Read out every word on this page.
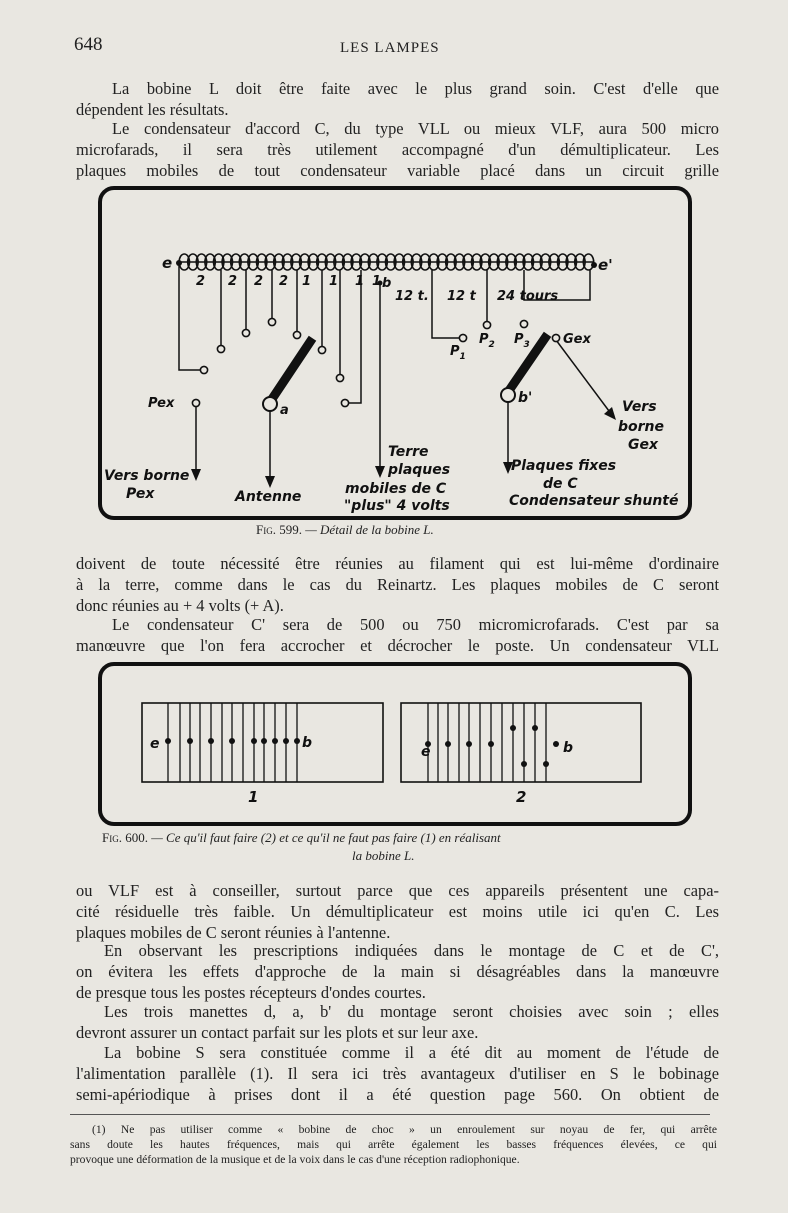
648	LES LAMPES
La bobine L doit être faite avec le plus grand soin. C'est d'elle que
dépendent les résultats.
Le condensateur d'accord C, du type VLL ou mieux VLF, aura 500 micro
microfarads, il sera très utilement accompagné d'un démultiplicateur. Les
plaques mobiles de tout condensateur variable placé dans un circuit grille
e	e'
b
2 2 2 2 1 1 1 1
12 t. 12 t 24 tours
$P_1$
$P_2$ $P_3$	Gex
Pex	a
b'
Vers borne Gex
Terre plaques mobiles de C "plus" 4 volts
Plaques fixes de C Condensateur shunté
Vers borne Pex	Antenne
Fig. 599. — Détail de la bobine L.
doivent de toute nécessité être réunies au filament qui est lui-même d'ordinaire
à la terre, comme dans le cas du Reinartz. Les plaques mobiles de C seront
donc réunies au + 4 volts (+ A).
Le condensateur C' sera de 500 ou 750 micromicrofarads. C'est par sa
manœuvre que l'on fera accrocher et décrocher le poste. Un condensateur VLL
e	b
1
e	b
2
Fig. 600. — Ce qu'il faut faire (2) et ce qu'il ne faut pas faire (1) en réalisant
la bobine L.
ou VLF est à conseiller, surtout parce que ces appareils présentent une capa-
cité résiduelle très faible. Un démultiplicateur est moins utile ici qu'en C. Les
plaques mobiles de C seront réunies à l'antenne.
En observant les prescriptions indiquées dans le montage de C et de C',
on évitera les effets d'approche de la main si désagréables dans la manœuvre
de presque tous les postes récepteurs d'ondes courtes.
Les trois manettes d, a, b' du montage seront choisies avec soin ; elles
devront assurer un contact parfait sur les plots et sur leur axe.
La bobine S sera constituée comme il a été dit au moment de l'étude de
l'alimentation parallèle (1). Il sera ici très avantageux d'utiliser en S le bobinage
semi-apériodique à prises dont il a été question page 560. On obtient de
(1) Ne pas utiliser comme « bobine de choc » un enroulement sur noyau de fer, qui arrête
sans doute les hautes fréquences, mais qui arrête également les basses fréquences élevées, ce qui
provoque une déformation de la musique et de la voix dans le cas d'une réception radiophonique.
